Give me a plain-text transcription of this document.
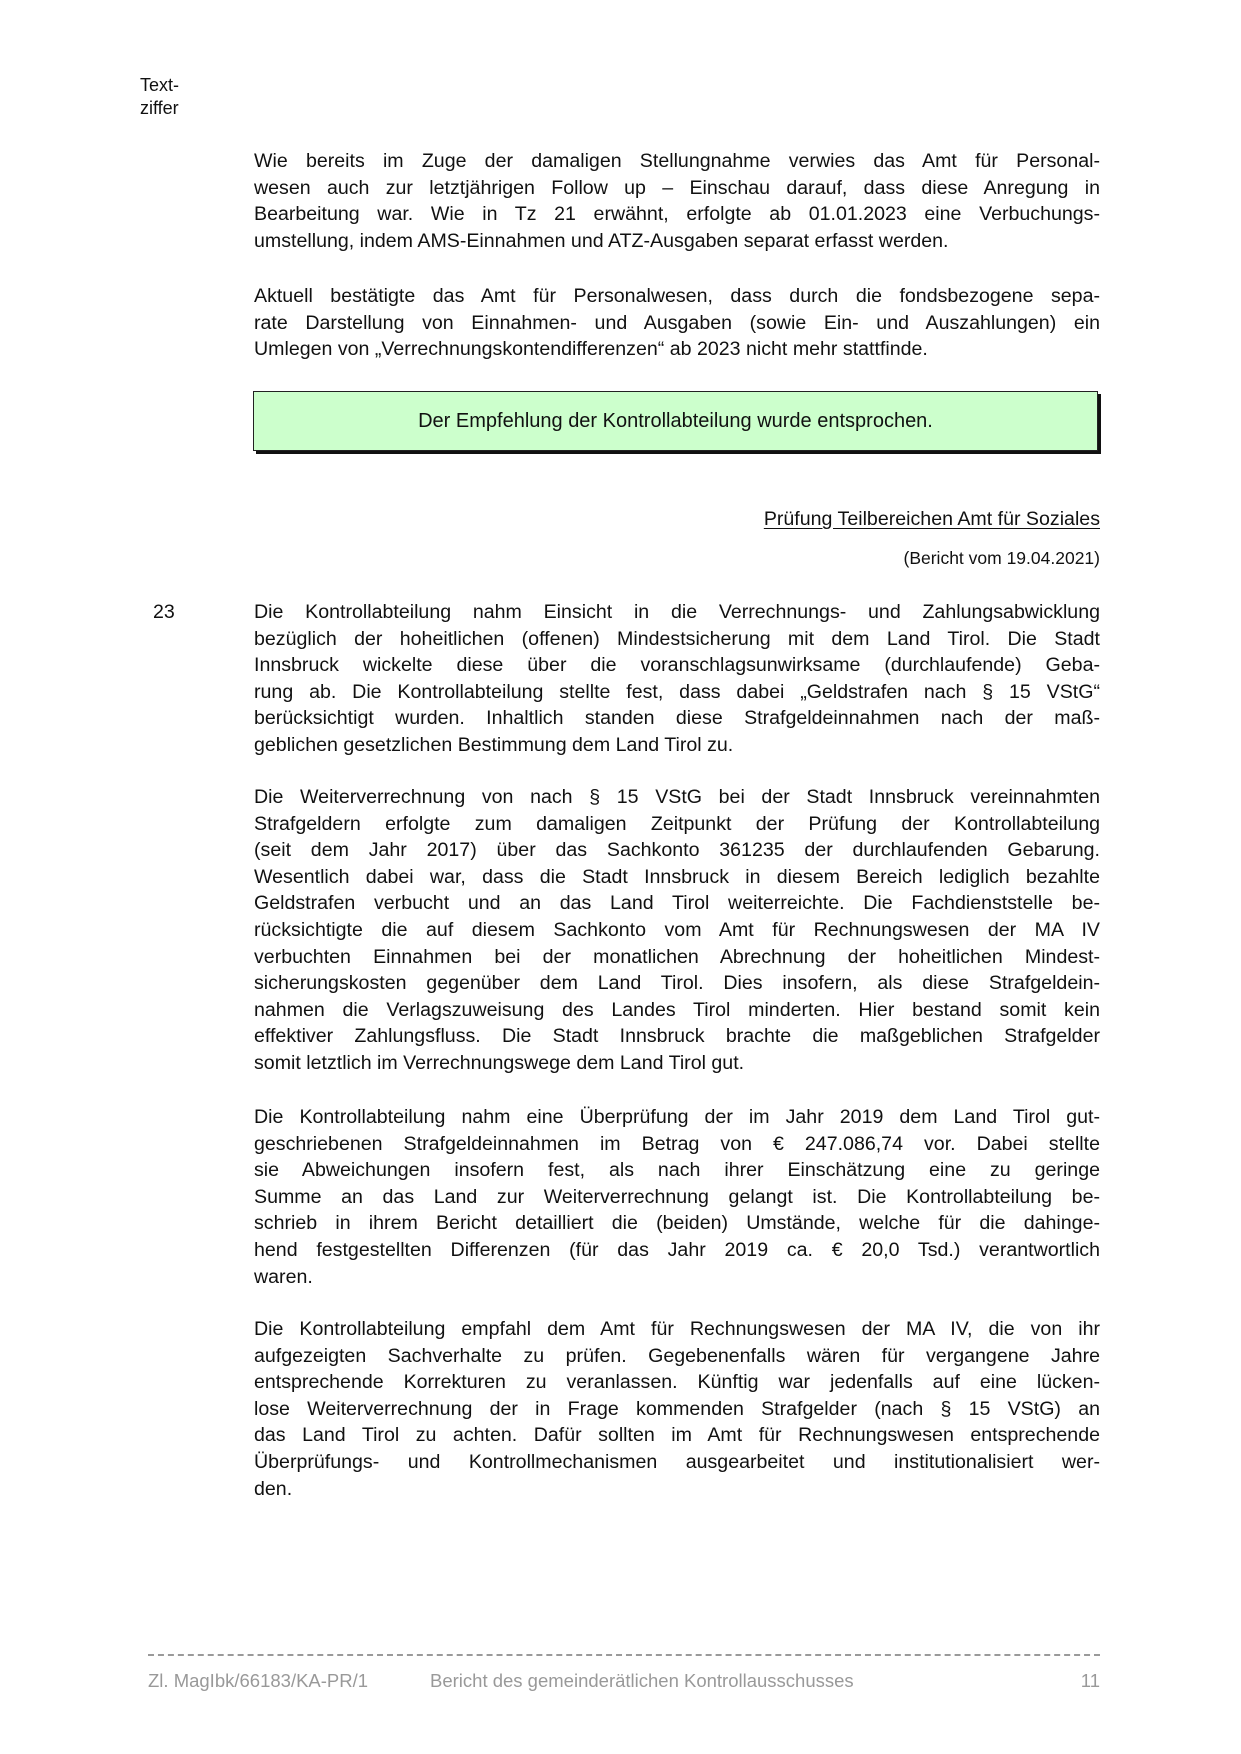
Text-
ziffer
Wie bereits im Zuge der damaligen Stellungnahme verwies das Amt für Personal-
wesen auch zur letztjährigen Follow up – Einschau darauf, dass diese Anregung in
Bearbeitung war. Wie in Tz 21 erwähnt, erfolgte ab 01.01.2023 eine Verbuchungs-
umstellung, indem AMS-Einnahmen und ATZ-Ausgaben separat erfasst werden.
Aktuell bestätigte das Amt für Personalwesen, dass durch die fondsbezogene sepa-
rate Darstellung von Einnahmen- und Ausgaben (sowie Ein- und Auszahlungen) ein
Umlegen von „Verrechnungskontendifferenzen“ ab 2023 nicht mehr stattfinde.
Der Empfehlung der Kontrollabteilung wurde entsprochen.
Prüfung Teilbereichen Amt für Soziales
(Bericht vom 19.04.2021)
23	Die Kontrollabteilung nahm Einsicht in die Verrechnungs- und Zahlungsabwicklung
bezüglich der hoheitlichen (offenen) Mindestsicherung mit dem Land Tirol. Die Stadt
Innsbruck wickelte diese über die voranschlagsunwirksame (durchlaufende) Geba-
rung ab. Die Kontrollabteilung stellte fest, dass dabei „Geldstrafen nach § 15 VStG“
berücksichtigt wurden. Inhaltlich standen diese Strafgeldeinnahmen nach der maß-
geblichen gesetzlichen Bestimmung dem Land Tirol zu.
Die Weiterverrechnung von nach § 15 VStG bei der Stadt Innsbruck vereinnahmten
Strafgeldern erfolgte zum damaligen Zeitpunkt der Prüfung der Kontrollabteilung
(seit dem Jahr 2017) über das Sachkonto 361235 der durchlaufenden Gebarung.
Wesentlich dabei war, dass die Stadt Innsbruck in diesem Bereich lediglich bezahlte
Geldstrafen verbucht und an das Land Tirol weiterreichte. Die Fachdienststelle be-
rücksichtigte die auf diesem Sachkonto vom Amt für Rechnungswesen der MA IV
verbuchten Einnahmen bei der monatlichen Abrechnung der hoheitlichen Mindest-
sicherungskosten gegenüber dem Land Tirol. Dies insofern, als diese Strafgeldein-
nahmen die Verlagszuweisung des Landes Tirol minderten. Hier bestand somit kein
effektiver Zahlungsfluss. Die Stadt Innsbruck brachte die maßgeblichen Strafgelder
somit letztlich im Verrechnungswege dem Land Tirol gut.
Die Kontrollabteilung nahm eine Überprüfung der im Jahr 2019 dem Land Tirol gut-
geschriebenen Strafgeldeinnahmen im Betrag von € 247.086,74 vor. Dabei stellte
sie Abweichungen insofern fest, als nach ihrer Einschätzung eine zu geringe
Summe an das Land zur Weiterverrechnung gelangt ist. Die Kontrollabteilung be-
schrieb in ihrem Bericht detailliert die (beiden) Umstände, welche für die dahinge-
hend festgestellten Differenzen (für das Jahr 2019 ca. € 20,0 Tsd.) verantwortlich
waren.
Die Kontrollabteilung empfahl dem Amt für Rechnungswesen der MA IV, die von ihr
aufgezeigten Sachverhalte zu prüfen. Gegebenenfalls wären für vergangene Jahre
entsprechende Korrekturen zu veranlassen. Künftig war jedenfalls auf eine lücken-
lose Weiterverrechnung der in Frage kommenden Strafgelder (nach § 15 VStG) an
das Land Tirol zu achten. Dafür sollten im Amt für Rechnungswesen entsprechende
Überprüfungs- und Kontrollmechanismen ausgearbeitet und institutionalisiert wer-
den.
Zl. MagIbk/66183/KA-PR/1	Bericht des gemeinderätlichen Kontrollausschusses	11
